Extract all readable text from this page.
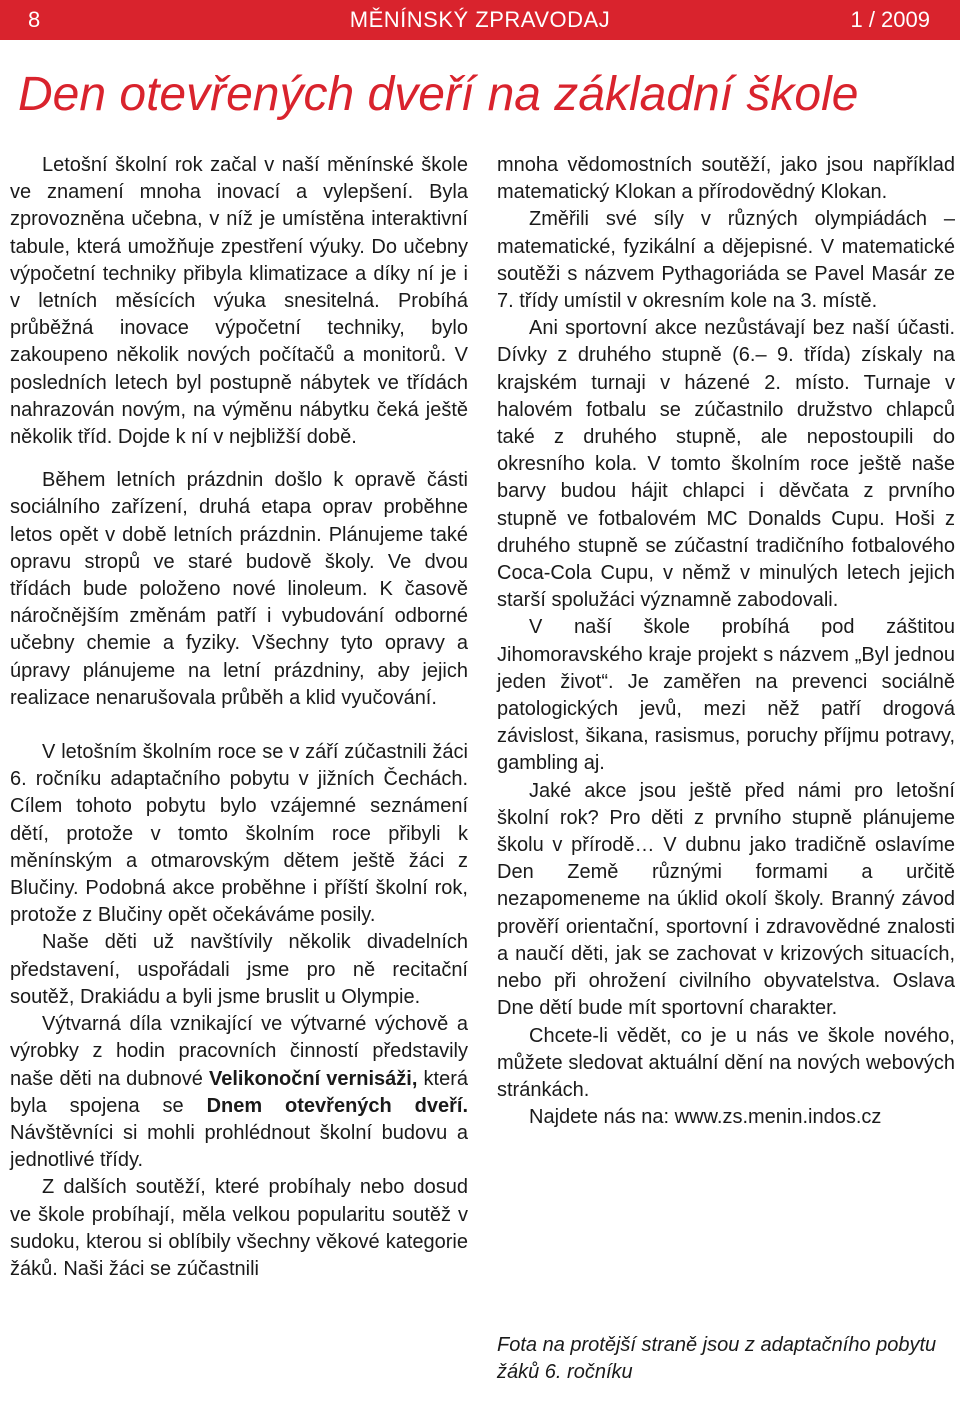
MĚNÍNSKÝ ZPRAVODAJ
8	1 / 2009
Den otevřených dveří na základní škole

Letošní školní rok začal v naší měnínské škole ve znamení mnoha inovací a vylepšení. Byla zprovozněna učebna, v níž je umístěna interaktivní tabule, která umožňuje zpestření výuky. Do učebny výpočetní techniky přibyla klimatizace a díky ní je i v letních měsících výuka snesitelná. Probíhá průběžná inovace výpočetní techniky, bylo zakoupeno několik nových počítačů a monitorů. V posledních letech byl postupně nábytek ve třídách nahrazován novým, na výměnu nábytku čeká ještě několik tříd. Dojde k ní v nejbližší době.

Během letních prázdnin došlo k opravě části sociálního zařízení, druhá etapa oprav proběhne letos opět v době letních prázdnin. Plánujeme také opravu stropů ve staré budově školy. Ve dvou třídách bude položeno nové linoleum. K časově náročnějším změnám patří i vybudování odborné učebny chemie a fyziky. Všechny tyto opravy a úpravy plánujeme na letní prázdniny, aby jejich realizace nenarušovala průběh a klid vyučování.

V letošním školním roce se v září zúčastnili žáci 6. ročníku adaptačního pobytu v jižních Čechách. Cílem tohoto pobytu bylo vzájemné seznámení dětí, protože v tomto školním roce přibyli k měnínským a otmarovským dětem ještě žáci z Blučiny. Podobná akce proběhne i příští školní rok, protože z Blučiny opět očekáváme posily.

Naše děti už navštívily několik divadelních představení, uspořádali jsme pro ně recitační soutěž, Drakiádu a byli jsme bruslit u Olympie.

Výtvarná díla vznikající ve výtvarné výchově a výrobky z hodin pracovních činností představily naše děti na dubnové Velikonoční vernisáži, která byla spojena se Dnem otevřených dveří. Návštěvníci si mohli prohlédnout školní budovu a jednotlivé třídy.

Z dalších soutěží, které probíhaly nebo dosud ve škole probíhají, měla velkou popularitu soutěž v sudoku, kterou si oblíbily všechny věkové kategorie žáků. Naši žáci se zúčastnili

mnoha vědomostních soutěží, jako jsou například matematický Klokan a přírodovědný Klokan.

Změřili své síly v různých olympiádách – matematické, fyzikální a dějepisné. V matematické soutěži s názvem Pythagoriáda se Pavel Masár ze 7. třídy umístil v okresním kole na 3. místě.

Ani sportovní akce nezůstávají bez naší účasti. Dívky z druhého stupně (6.– 9. třída) získaly na krajském turnaji v házené 2. místo. Turnaje v halovém fotbalu se zúčastnilo družstvo chlapců také z druhého stupně, ale nepostoupili do okresního kola. V tomto školním roce ještě naše barvy budou hájit chlapci i děvčata z prvního stupně ve fotbalovém MC Donalds Cupu. Hoši z druhého stupně se zúčastní tradičního fotbalového Coca-Cola Cupu, v němž v minulých letech jejich starší spolužáci významně zabodovali.

V naší škole probíhá pod záštitou Jihomoravského kraje projekt s názvem „Byl jednou jeden život“. Je zaměřen na prevenci sociálně patologických jevů, mezi něž patří drogová závislost, šikana, rasismus, poruchy příjmu potravy, gambling aj.

Jaké akce jsou ještě před námi pro letošní školní rok? Pro děti z prvního stupně plánujeme školu v přírodě… V dubnu jako tradičně oslavíme Den Země různými formami a určitě nezapomeneme na úklid okolí školy. Branný závod prověří orientační, sportovní i zdravovědné znalosti a naučí děti, jak se zachovat v krizových situacích, nebo při ohrožení civilního obyvatelstva. Oslava Dne dětí bude mít sportovní charakter.

Chcete-li vědět, co je u nás ve škole nového, můžete sledovat aktuální dění na nových webových stránkách.

Najdete nás na: www.zs.menin.indos.cz

Fota na protější straně jsou z adaptačního pobytu žáků 6. ročníku
